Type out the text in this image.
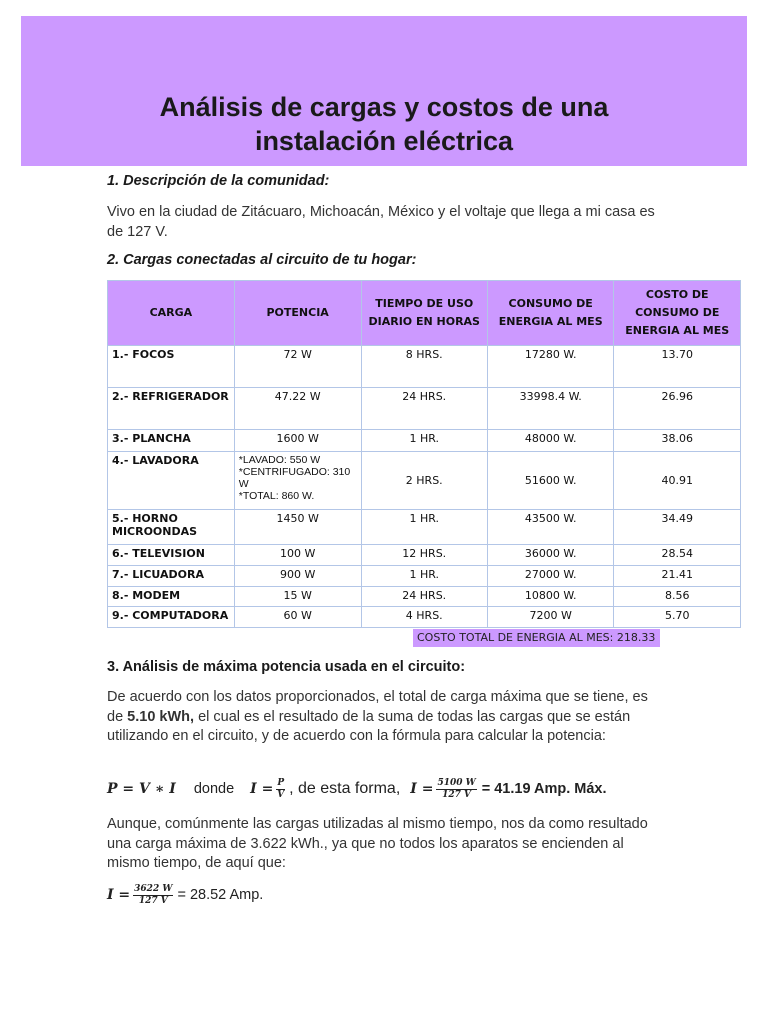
Análisis de cargas y costos de una
instalación eléctrica
1. Descripción de la comunidad:
Vivo en la ciudad de Zitácuaro, Michoacán, México y el voltaje que llega a mi casa es de 127 V.
2. Cargas conectadas al circuito de tu hogar:
CARGA	POTENCIA	TIEMPO DE USO DIARIO EN HORAS	CONSUMO DE ENERGIA AL MES	COSTO DE CONSUMO DE ENERGIA AL MES
1.- FOCOS	72 W	8 HRS.	17280 W.	13.70
2.- REFRIGERADOR	47.22 W	24 HRS.	33998.4 W.	26.96
3.- PLANCHA	1600 W	1 HR.	48000 W.	38.06
4.- LAVADORA	*LAVADO: 550 W
*CENTRIFUGADO: 310 W
*TOTAL: 860 W.	2 HRS.	51600 W.	40.91
5.- HORNO MICROONDAS	1450 W	1 HR.	43500 W.	34.49
6.- TELEVISION	100 W	12 HRS.	36000 W.	28.54
7.- LICUADORA	900 W	1 HR.	27000 W.	21.41
8.- MODEM	15 W	24 HRS.	10800 W.	8.56
9.- COMPUTADORA	60 W	4 HRS.	7200 W	5.70
COSTO TOTAL DE ENERGIA AL MES: 218.33
3. Análisis de máxima potencia usada en el circuito:
De acuerdo con los datos proporcionados, el total de carga máxima que se tiene, es de 5.10 kWh, el cual es el resultado de la suma de todas las cargas que se están utilizando en el circuito, y de acuerdo con la fórmula para calcular la potencia:
P = V ∗ I donde $I = \frac{P}{V}$ , de esta forma, $I = \frac{5100 W}{127 V} = 41.19$ Amp. Máx.
Aunque, comúnmente las cargas utilizadas al mismo tiempo, nos da como resultado una carga máxima de 3.622 kWh., ya que no todos los aparatos se encienden al mismo tiempo, de aquí que:
$I = \frac{3622 W}{127 V} = 28.52$ Amp.
